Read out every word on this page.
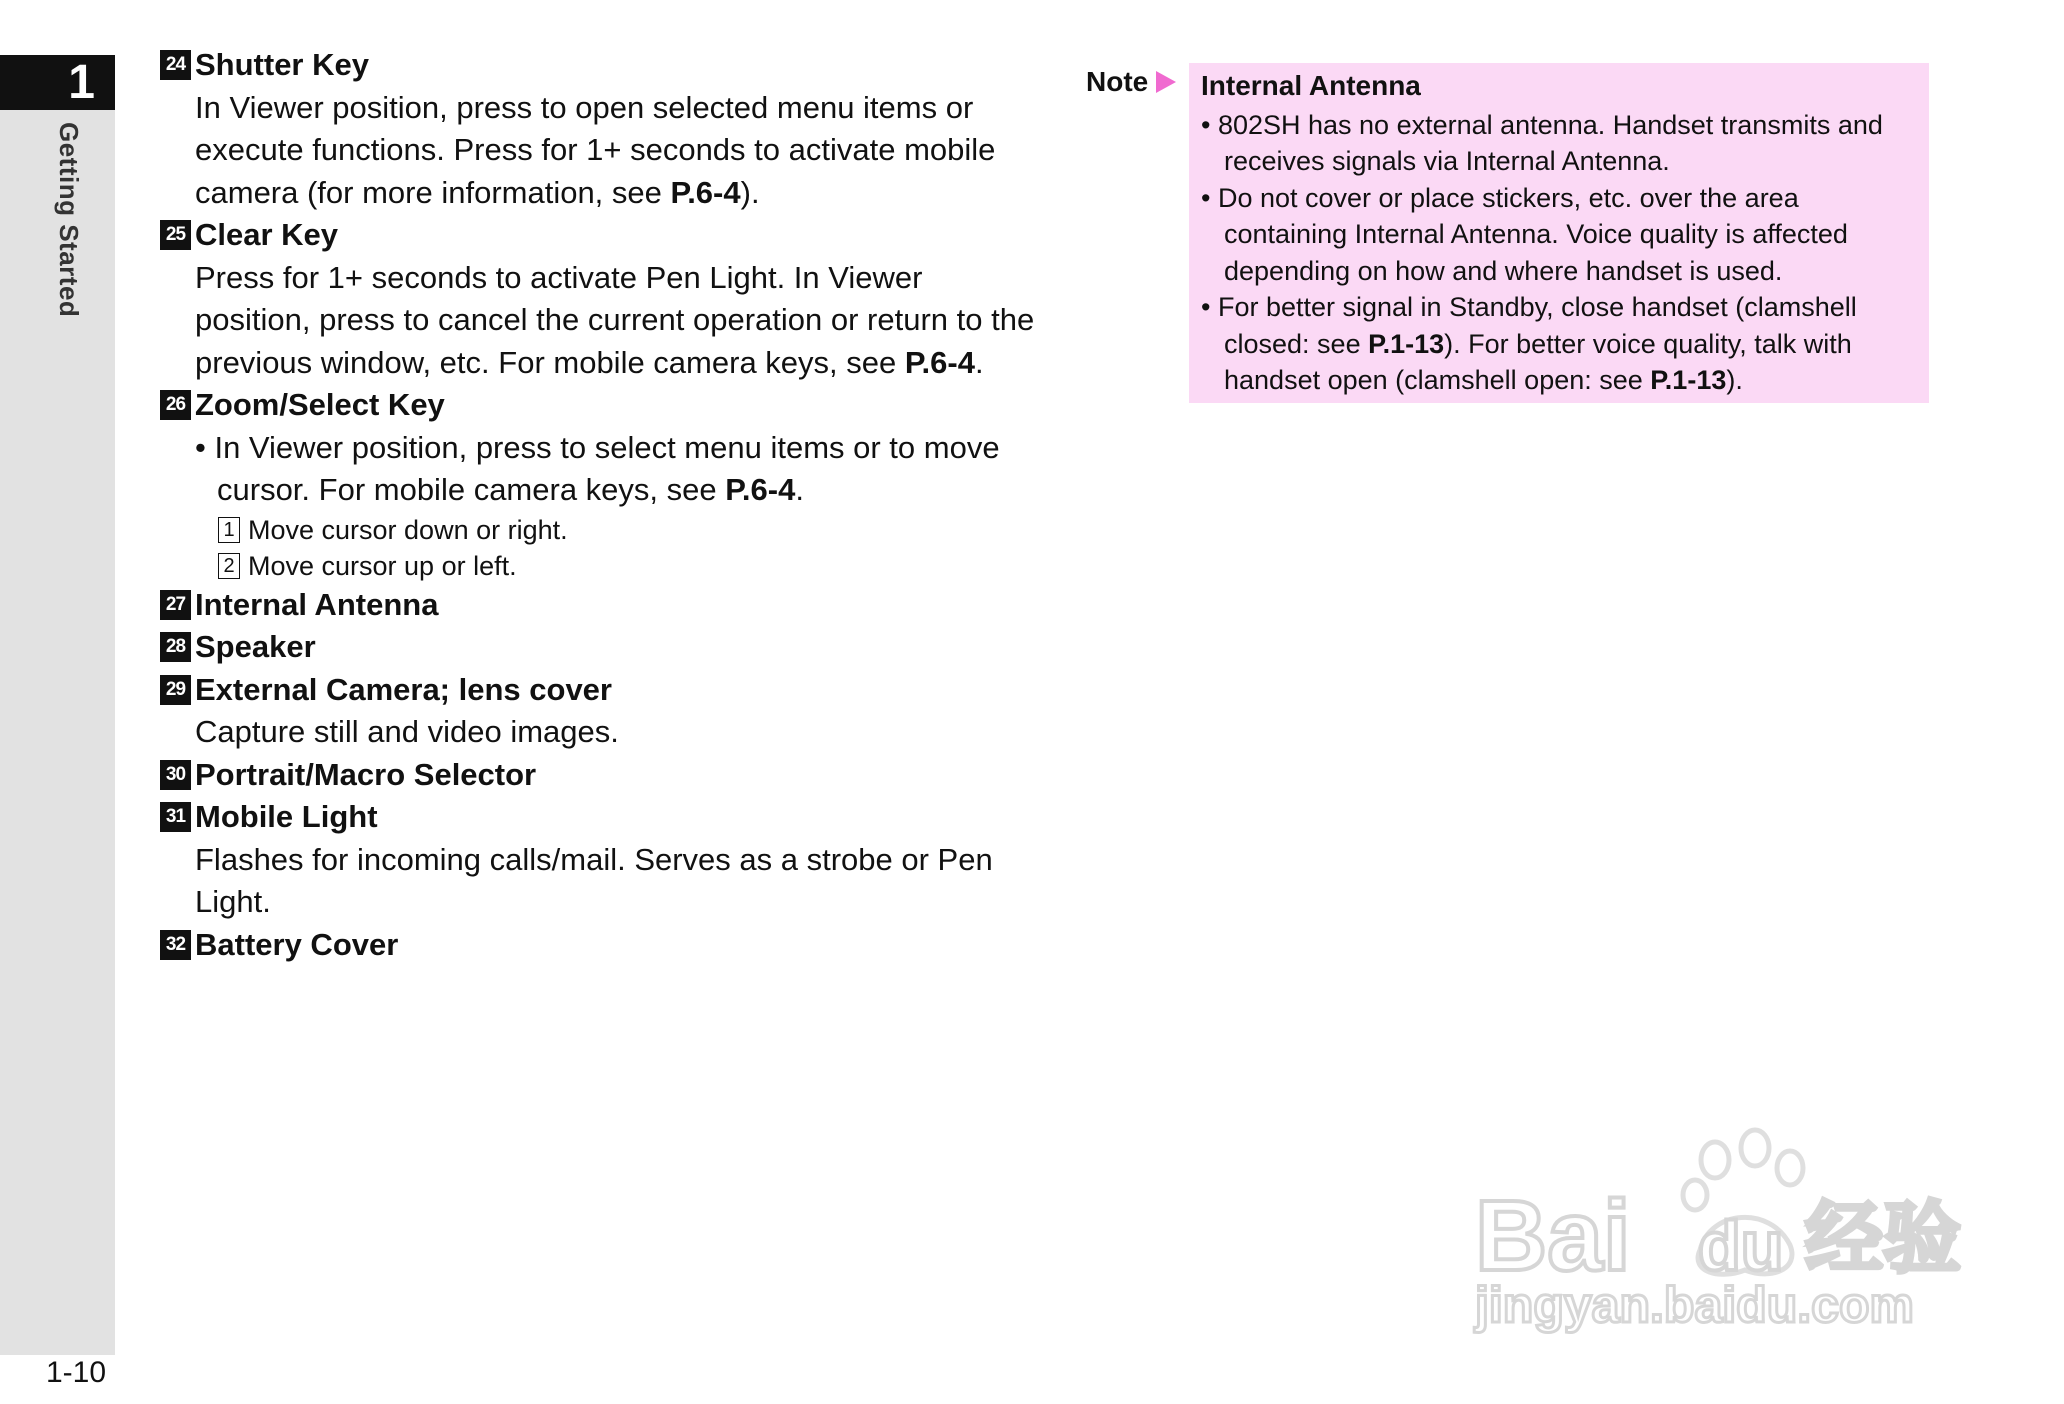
1
Getting Started
1-10
24 Shutter Key
In Viewer position, press to open selected menu items or
execute functions. Press for 1+ seconds to activate mobile
camera (for more information, see P.6-4).
25 Clear Key
Press for 1+ seconds to activate Pen Light. In Viewer
position, press to cancel the current operation or return to the
previous window, etc. For mobile camera keys, see P.6-4.
26 Zoom/Select Key
• In Viewer position, press to select menu items or to move
cursor. For mobile camera keys, see P.6-4.
1 Move cursor down or right.
2 Move cursor up or left.
27 Internal Antenna
28 Speaker
29 External Camera; lens cover
Capture still and video images.
30 Portrait/Macro Selector
31 Mobile Light
Flashes for incoming calls/mail. Serves as a strobe or Pen Light.
32 Battery Cover
Note Internal Antenna
• 802SH has no external antenna. Handset transmits and
receives signals via Internal Antenna.
• Do not cover or place stickers, etc. over the area
containing Internal Antenna. Voice quality is affected
depending on how and where handset is used.
• For better signal in Standby, close handset (clamshell
closed: see P.1-13). For better voice quality, talk with
handset open (clamshell open: see P.1-13).
Bai du 经验
jingyan.baidu.com
